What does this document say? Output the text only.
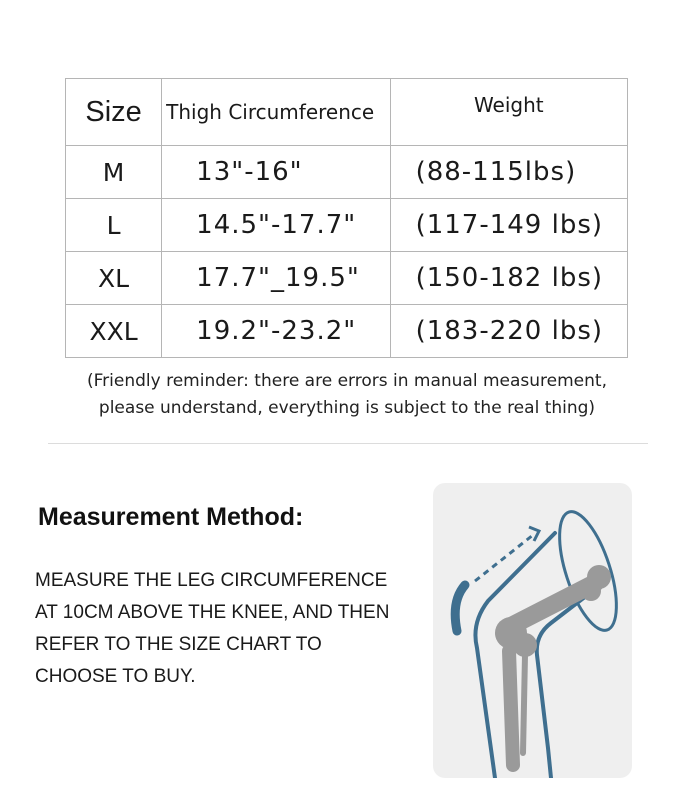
Size	Thigh Circumference	Weight
M	13"-16"	(88-115lbs)
L	14.5"-17.7"	(117-149 lbs)
XL	17.7"_19.5"	(150-182 lbs)
XXL	19.2"-23.2"	(183-220 lbs)
(Friendly reminder: there are errors in manual measurement,
please understand, everything is subject to the real thing)
Measurement Method:
MEASURE THE LEG CIRCUMFERENCE
AT 10CM ABOVE THE KNEE, AND THEN
REFER TO THE SIZE CHART TO
CHOOSE TO BUY.
